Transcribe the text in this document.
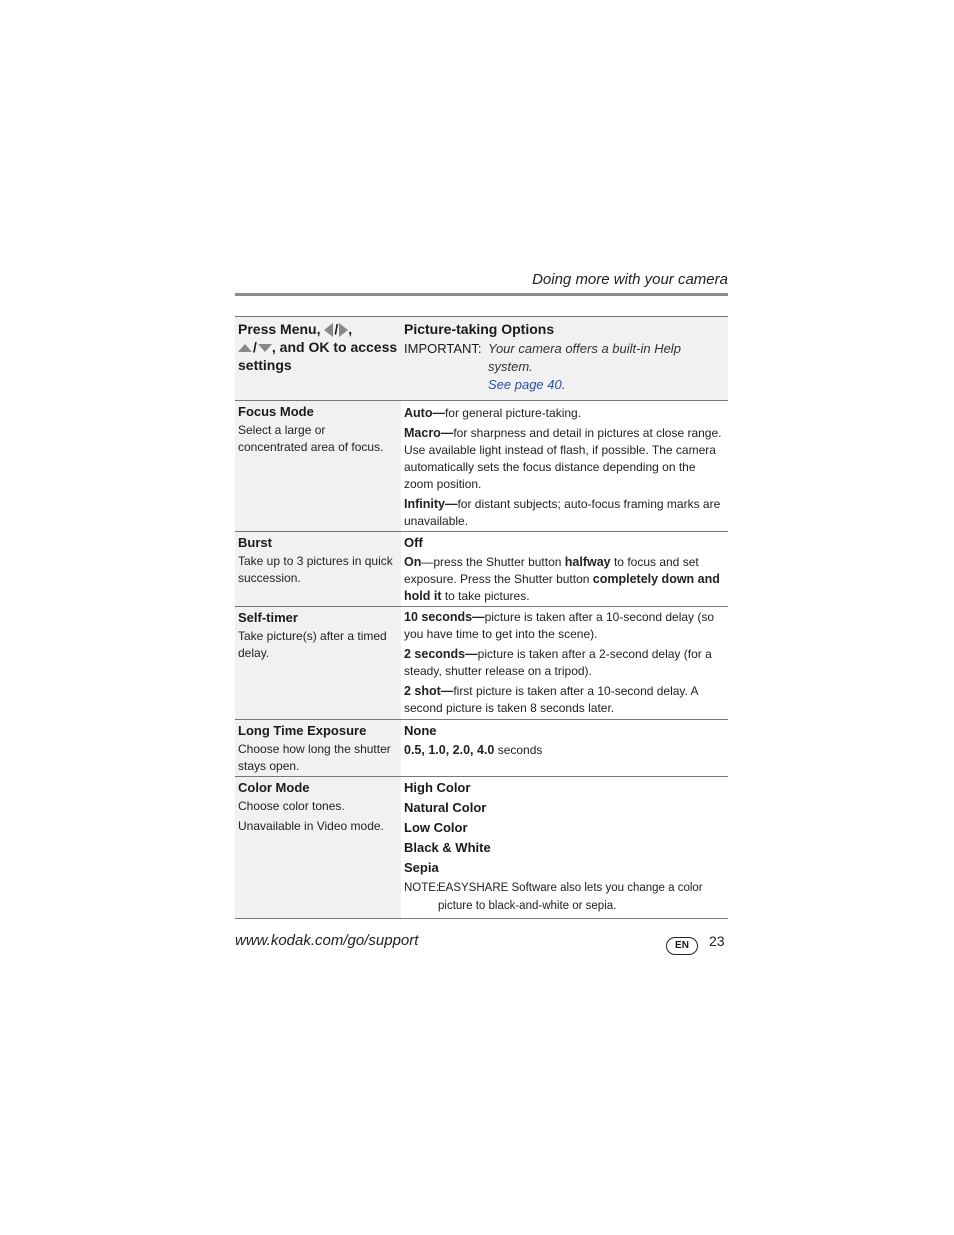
Doing more with your camera
Press Menu, / ,
/ , and OK to access settings
Picture-taking Options
IMPORTANT: Your camera offers a built-in Help system.
See page 40.
Focus Mode
Select a large or concentrated area of focus.
Auto—for general picture-taking.
Macro—for sharpness and detail in pictures at close range. Use available light instead of flash, if possible. The camera automatically sets the focus distance depending on the zoom position.
Infinity—for distant subjects; auto-focus framing marks are unavailable.
Burst
Take up to 3 pictures in quick succession.
Off
On—press the Shutter button halfway to focus and set exposure. Press the Shutter button completely down and hold it to take pictures.
Self-timer
Take picture(s) after a timed delay.
10 seconds—picture is taken after a 10-second delay (so you have time to get into the scene).
2 seconds—picture is taken after a 2-second delay (for a steady, shutter release on a tripod).
2 shot—first picture is taken after a 10-second delay. A second picture is taken 8 seconds later.
Long Time Exposure
Choose how long the shutter stays open.
None
0.5, 1.0, 2.0, 4.0 seconds
Color Mode
Choose color tones.
Unavailable in Video mode.
High Color
Natural Color
Low Color
Black & White
Sepia
NOTE:
EASYSHARE Software also lets you change a color picture to black-and-white or sepia.
www.kodak.com/go/support	EN	23
